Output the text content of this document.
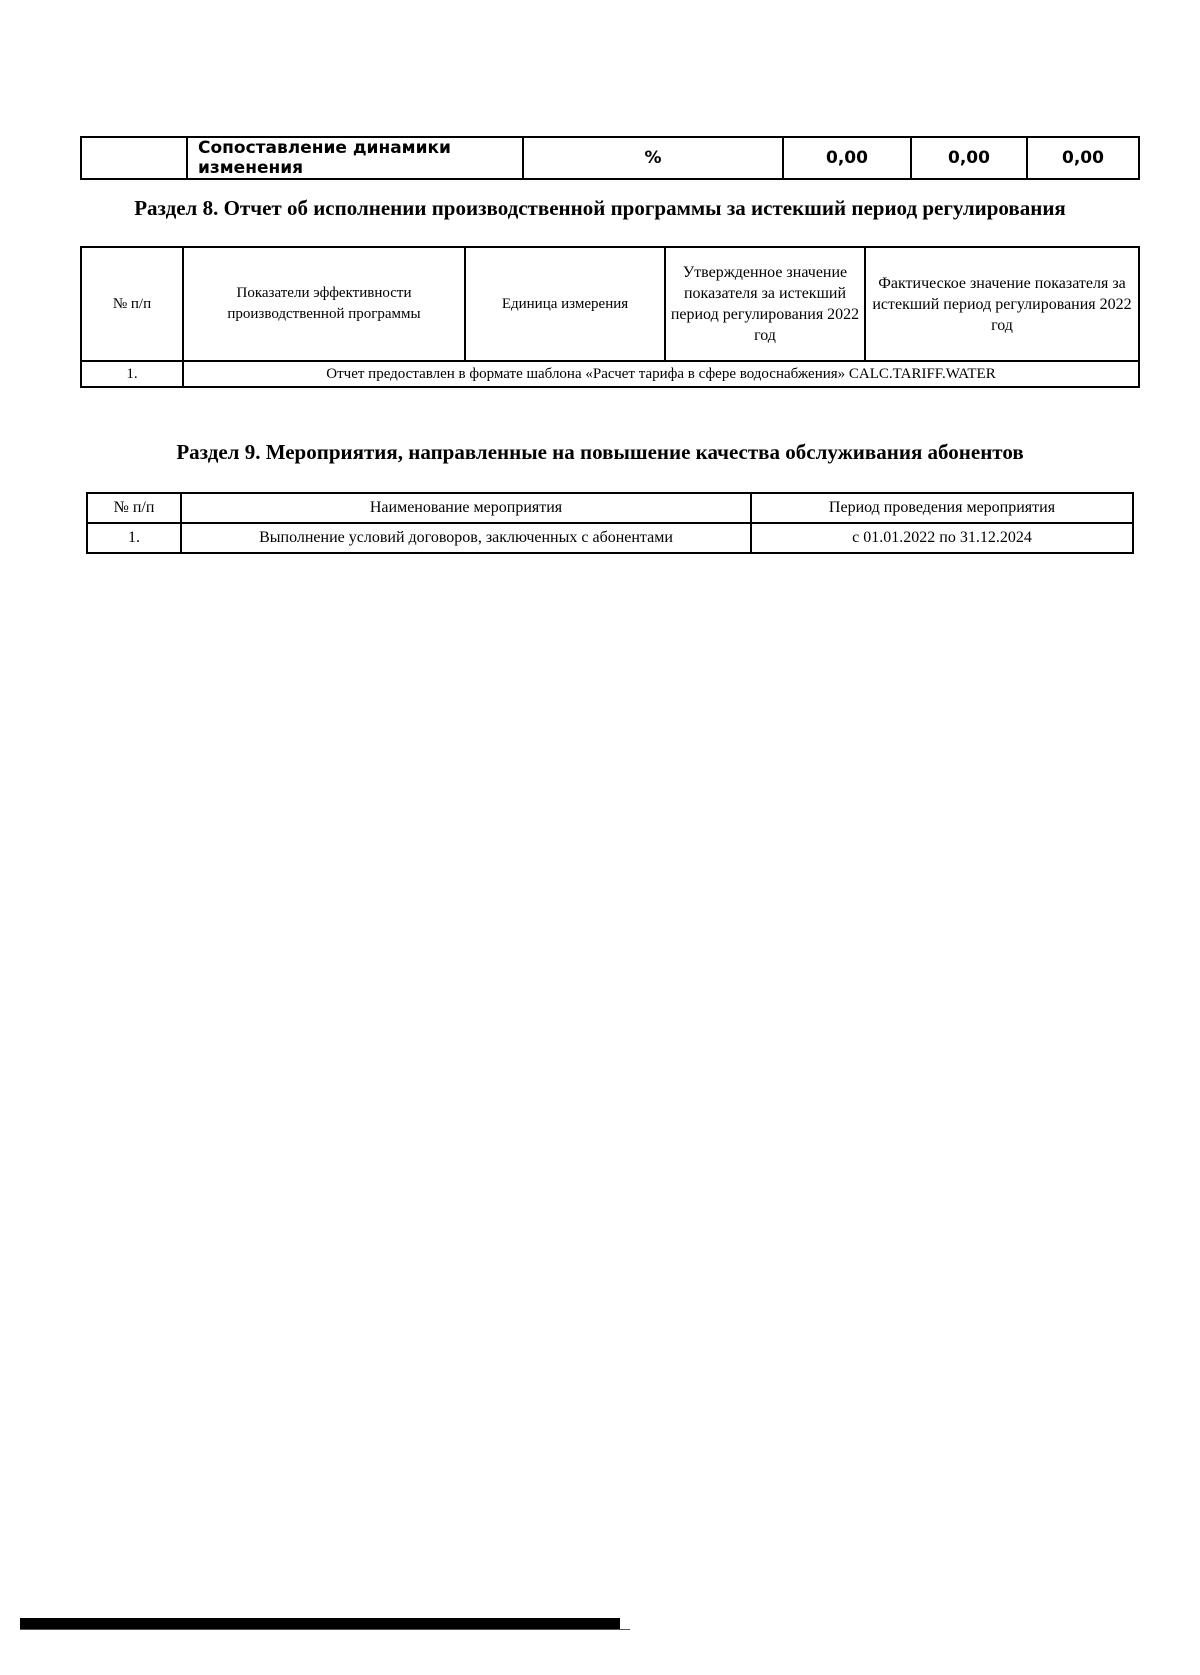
	Сопоставление динамики изменения	%	0,00	0,00	0,00
Раздел 8. Отчет об исполнении производственной программы за истекший период регулирования
№ п/п	Показатели эффективности производственной программы	Единица измерения	Утвержденное значение показателя за истекший период регулирования 2022 год	Фактическое значение показателя за истекший период регулирования 2022 год
1.	Отчет предоставлен в формате шаблона «Расчет тарифа в сфере водоснабжения» CALC.TARIFF.WATER			
Раздел 9. Мероприятия, направленные на повышение качества обслуживания абонентов
№ п/п	Наименование мероприятия	Период проведения мероприятия
1.	Выполнение условий договоров, заключенных с абонентами	с 01.01.2022 по 31.12.2024
